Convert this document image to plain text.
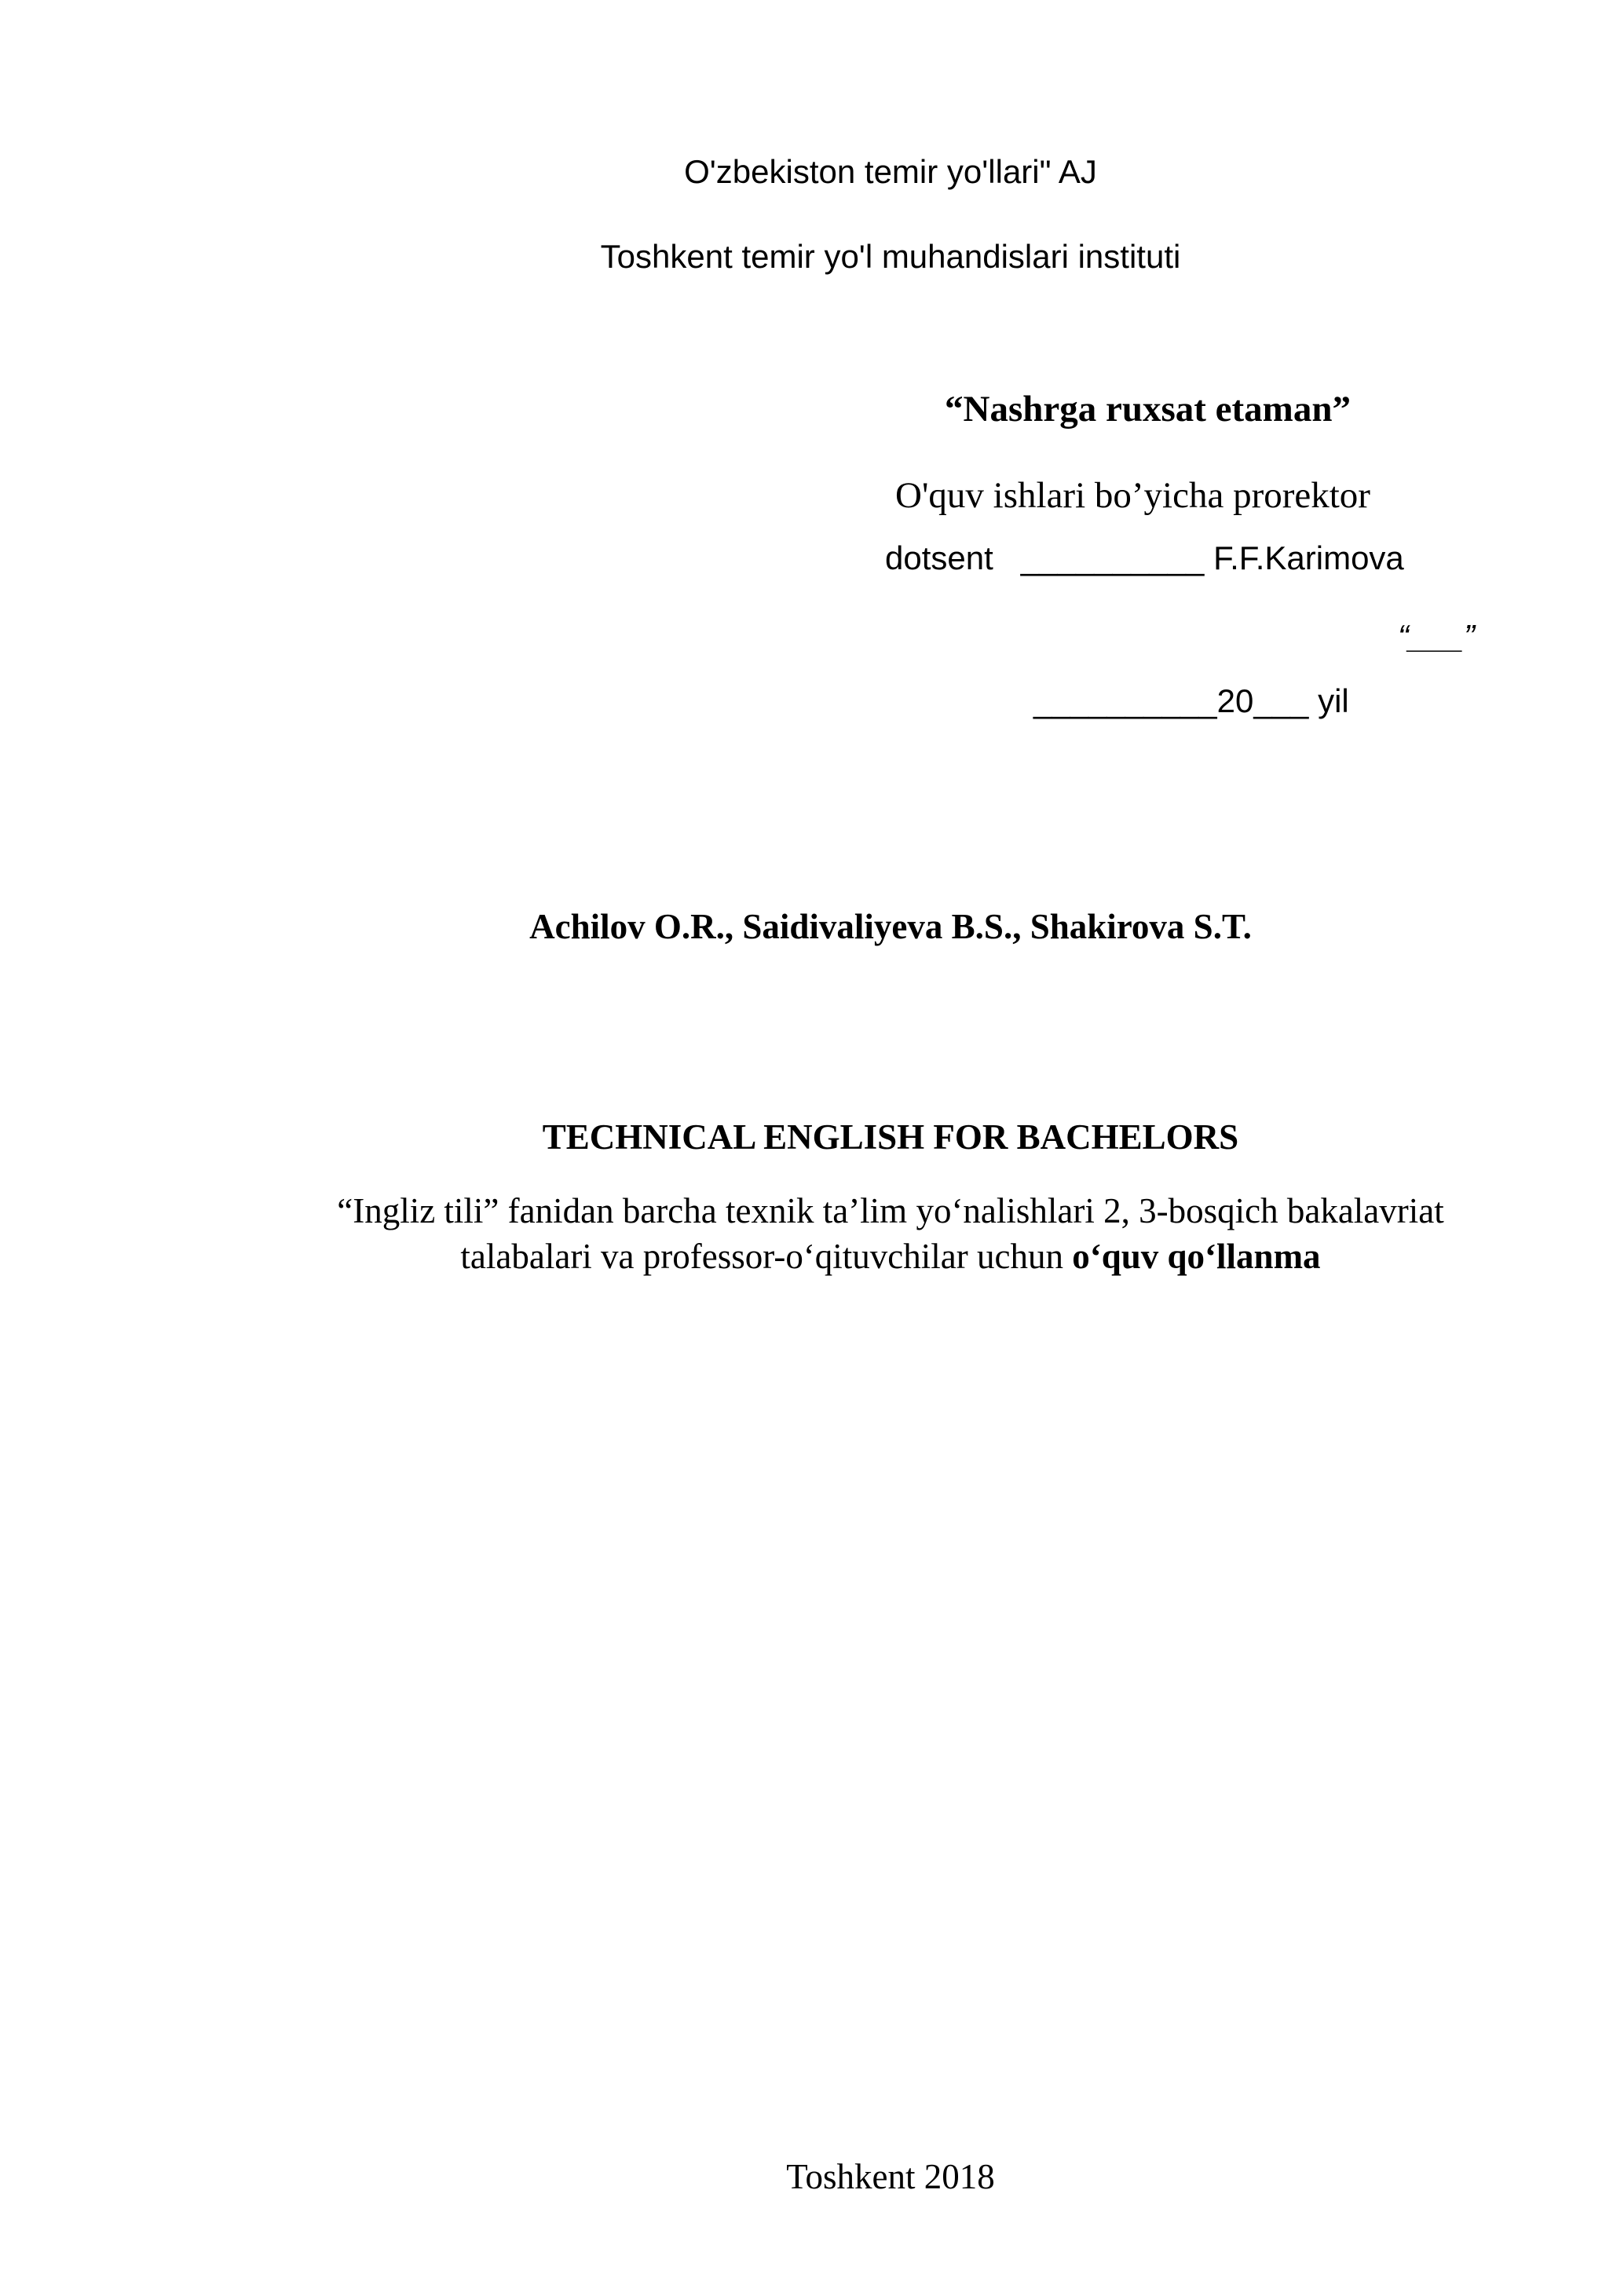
O'zbekiston temir yo'llari" AJ
Toshkent temir yo'l muhandislari instituti
“Nashrga ruxsat etaman”
O'quv ishlari bo’yicha prorektor
dotsent __________ F.F.Karimova
“___”
__________20___ yil
Achilov O.R., Saidivaliyeva B.S., Shakirova S.T.
TECHNICAL ENGLISH FOR BACHELORS
“Ingliz tili” fanidan barcha texnik ta’lim yo‘nalishlari 2, 3-bosqich bakalavriat
talabalari va professor-o‘qituvchilar uchun o‘quv qo‘llanma
Toshkent 2018
